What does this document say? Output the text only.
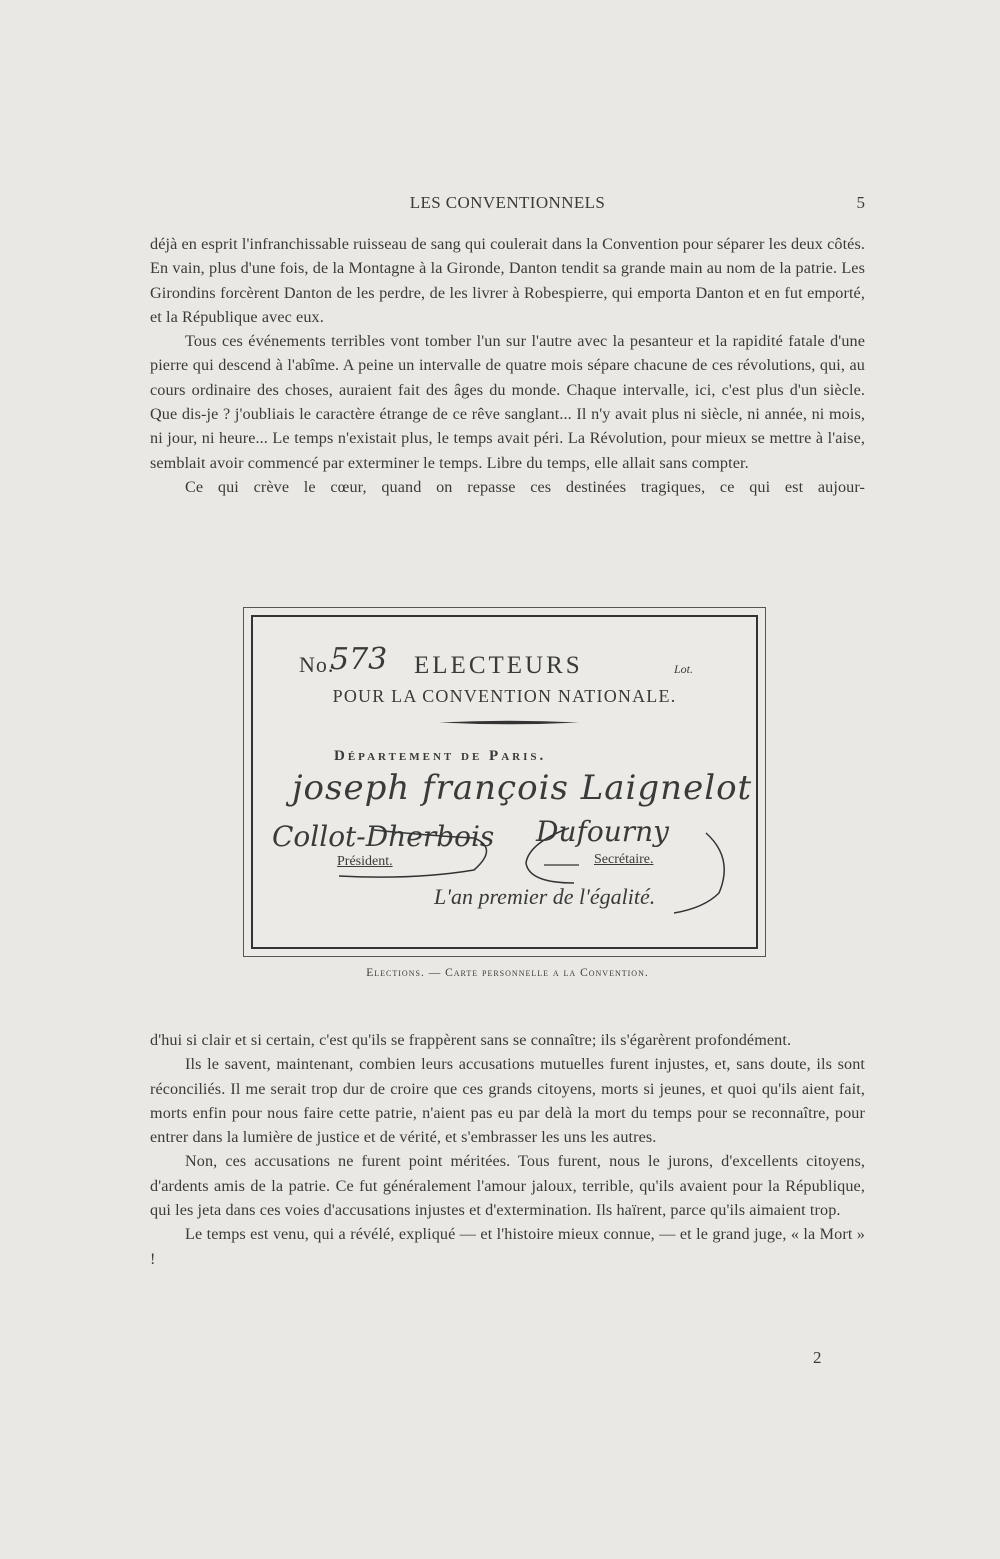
LES CONVENTIONNELS	5

déjà en esprit l'infranchissable ruisseau de sang qui coulerait dans la Convention pour séparer les deux côtés. En vain, plus d'une fois, de la Montagne à la Gironde, Danton tendit sa grande main au nom de la patrie. Les Girondins forcèrent Danton de les perdre, de les livrer à Robespierre, qui emporta Danton et en fut emporté, et la République avec eux.

Tous ces événements terribles vont tomber l'un sur l'autre avec la pesanteur et la rapidité fatale d'une pierre qui descend à l'abîme. A peine un intervalle de quatre mois sépare chacune de ces révolutions, qui, au cours ordinaire des choses, auraient fait des âges du monde. Chaque intervalle, ici, c'est plus d'un siècle. Que dis-je ? j'oubliais le caractère étrange de ce rêve sanglant... Il n'y avait plus ni siècle, ni année, ni mois, ni jour, ni heure... Le temps n'existait plus, le temps avait péri. La Révolution, pour mieux se mettre à l'aise, semblait avoir commencé par exterminer le temps. Libre du temps, elle allait sans compter.

Ce qui crève le cœur, quand on repasse ces destinées tragiques, ce qui est aujour-

No.
573 ELECTEURS	Lot.
POUR LA CONVENTION NATIONALE.
Département de Paris.
joseph françois Laignelot
Collot-Dherbois Dufourny
Président.	Secrétaire.
L'an premier de l'égalité.
Elections. — Carte personnelle a la Convention.

d'hui si clair et si certain, c'est qu'ils se frappèrent sans se connaître; ils s'égarèrent profondément.

Ils le savent, maintenant, combien leurs accusations mutuelles furent injustes, et, sans doute, ils sont réconciliés. Il me serait trop dur de croire que ces grands citoyens, morts si jeunes, et quoi qu'ils aient fait, morts enfin pour nous faire cette patrie, n'aient pas eu par delà la mort du temps pour se reconnaître, pour entrer dans la lumière de justice et de vérité, et s'embrasser les uns les autres.

Non, ces accusations ne furent point méritées. Tous furent, nous le jurons, d'excellents citoyens, d'ardents amis de la patrie. Ce fut généralement l'amour jaloux, terrible, qu'ils avaient pour la République, qui les jeta dans ces voies d'accusations injustes et d'extermination. Ils haïrent, parce qu'ils aimaient trop.

Le temps est venu, qui a révélé, expliqué — et l'histoire mieux connue, — et le grand juge, « la Mort » !

2
